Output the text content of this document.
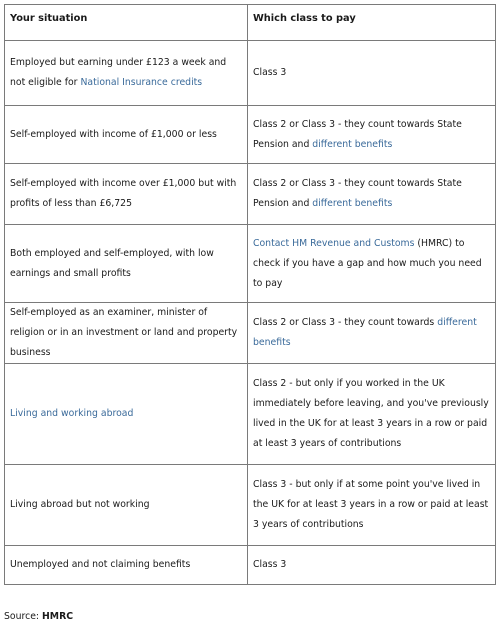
Your situation	Which class to pay
Employed but earning under £123 a week and
not eligible for National Insurance credits	Class 3
Self-employed with income of £1,000 or less	Class 2 or Class 3 - they count towards State Pension and different benefits
Self-employed with income over £1,000 but with profits of less than £6,725	Class 2 or Class 3 - they count towards State Pension and different benefits
Both employed and self-employed, with low earnings and small profits	Contact HM Revenue and Customs (HMRC) to check if you have a gap and how much you need to pay
Self-employed as an examiner, minister of religion or in an investment or land and property business	Class 2 or Class 3 - they count towards different benefits
Living and working abroad	Class 2 - but only if you worked in the UK immediately before leaving, and you've previously lived in the UK for at least 3 years in a row or paid at least 3 years of contributions
Living abroad but not working	Class 3 - but only if at some point you've lived in the UK for at least 3 years in a row or paid at least 3 years of contributions
Unemployed and not claiming benefits	Class 3
Source: HMRC
